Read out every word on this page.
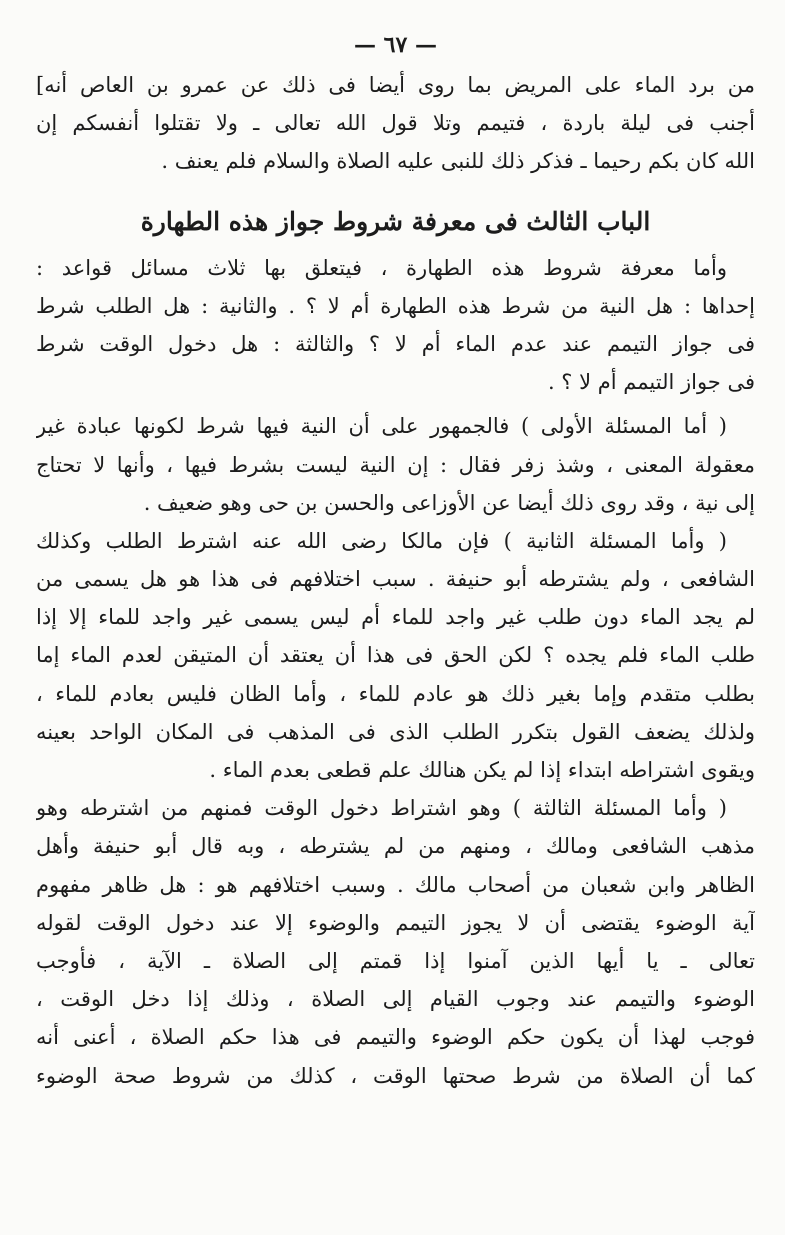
— ٦٧ —
من برد الماء على المريض بما روى أيضا فى ذلك عن عمرو بن العاص أنه]
أجنب فى ليلة باردة ، فتيمم وتلا قول الله تعالى ـ ولا تقتلوا أنفسكم إن
الله كان بكم رحيما ـ فذكر ذلك للنبى عليه الصلاة والسلام فلم يعنف .
الباب الثالث فى معرفة شروط جواز هذه الطهارة
وأما معرفة شروط هذه الطهارة ، فيتعلق بها ثلاث مسائل قواعد :
إحداها : هل النية من شرط هذه الطهارة أم لا ؟ . والثانية : هل الطلب شرط
فى جواز التيمم عند عدم الماء أم لا ؟ والثالثة : هل دخول الوقت شرط
فى جواز التيمم أم لا ؟ .
( أما المسئلة الأولى ) فالجمهور على أن النية فيها شرط لكونها عبادة غير
معقولة المعنى ، وشذ زفر فقال : إن النية ليست بشرط فيها ، وأنها لا تحتاج
إلى نية ، وقد روى ذلك أيضا عن الأوزاعى والحسن بن حى وهو ضعيف .
( وأما المسئلة الثانية ) فإن مالكا رضى الله عنه اشترط الطلب وكذلك
الشافعى ، ولم يشترطه أبو حنيفة . سبب اختلافهم فى هذا هو هل يسمى من
لم يجد الماء دون طلب غير واجد للماء أم ليس يسمى غير واجد للماء إلا إذا
طلب الماء فلم يجده ؟ لكن الحق فى هذا أن يعتقد أن المتيقن لعدم الماء إما
بطلب متقدم وإما بغير ذلك هو عادم للماء ، وأما الظان فليس بعادم للماء ،
ولذلك يضعف القول بتكرر الطلب الذى فى المذهب فى المكان الواحد بعينه
ويقوى اشتراطه ابتداء إذا لم يكن هنالك علم قطعى بعدم الماء .
( وأما المسئلة الثالثة ) وهو اشتراط دخول الوقت فمنهم من اشترطه وهو
مذهب الشافعى ومالك ، ومنهم من لم يشترطه ، وبه قال أبو حنيفة وأهل
الظاهر وابن شعبان من أصحاب مالك . وسبب اختلافهم هو : هل ظاهر مفهوم
آية الوضوء يقتضى أن لا يجوز التيمم والوضوء إلا عند دخول الوقت لقوله
تعالى ـ يا أيها الذين آمنوا إذا قمتم إلى الصلاة ـ الآية ، فأوجب
الوضوء والتيمم عند وجوب القيام إلى الصلاة ، وذلك إذا دخل الوقت ،
فوجب لهذا أن يكون حكم الوضوء والتيمم فى هذا حكم الصلاة ، أعنى أنه
كما أن الصلاة من شرط صحتها الوقت ، كذلك من شروط صحة الوضوء
